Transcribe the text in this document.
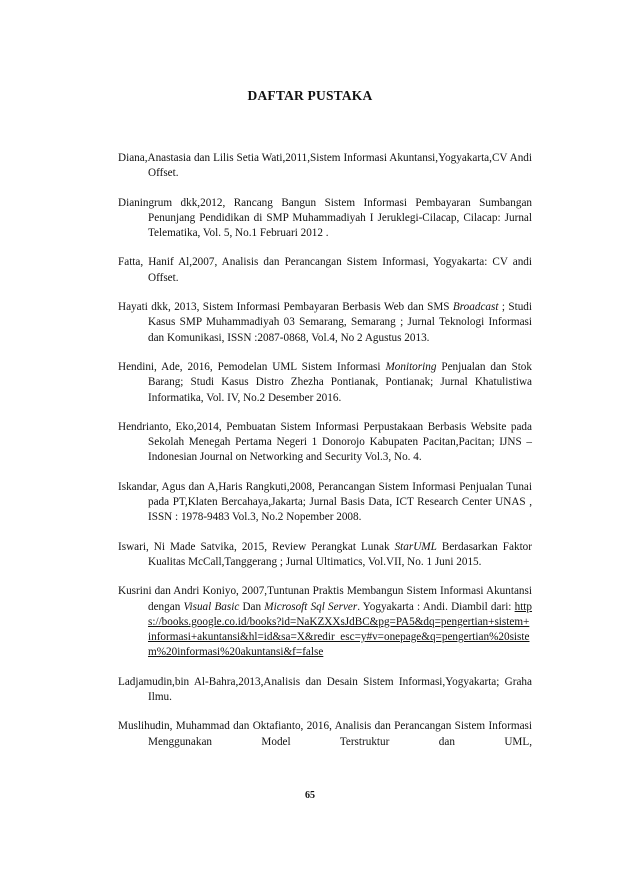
DAFTAR PUSTAKA

Diana,Anastasia dan Lilis Setia Wati,2011,Sistem Informasi Akuntansi,Yogyakarta,CV Andi Offset.

Dianingrum dkk,2012, Rancang Bangun Sistem Informasi Pembayaran Sumbangan Penunjang Pendidikan di SMP Muhammadiyah I Jeruklegi-Cilacap, Cilacap: Jurnal Telematika, Vol. 5, No.1 Februari 2012 .

Fatta, Hanif Al,2007, Analisis dan Perancangan Sistem Informasi, Yogyakarta: CV andi Offset.

Hayati dkk, 2013, Sistem Informasi Pembayaran Berbasis Web dan SMS Broadcast ; Studi Kasus SMP Muhammadiyah 03 Semarang, Semarang ; Jurnal Teknologi Informasi dan Komunikasi, ISSN :2087-0868, Vol.4, No 2 Agustus 2013.

Hendini, Ade, 2016, Pemodelan UML Sistem Informasi Monitoring Penjualan dan Stok Barang; Studi Kasus Distro Zhezha Pontianak, Pontianak; Jurnal Khatulistiwa Informatika, Vol. IV, No.2 Desember 2016.

Hendrianto, Eko,2014, Pembuatan Sistem Informasi Perpustakaan Berbasis Website pada Sekolah Menegah Pertama Negeri 1 Donorojo Kabupaten Pacitan,Pacitan; IJNS – Indonesian Journal on Networking and Security Vol.3, No. 4.

Iskandar, Agus dan A,Haris Rangkuti,2008, Perancangan Sistem Informasi Penjualan Tunai pada PT,Klaten Bercahaya,Jakarta; Jurnal Basis Data, ICT Research Center UNAS , ISSN : 1978-9483 Vol.3, No.2 Nopember 2008.

Iswari, Ni Made Satvika, 2015, Review Perangkat Lunak StarUML Berdasarkan Faktor Kualitas McCall,Tanggerang ; Jurnal Ultimatics, Vol.VII, No. 1 Juni 2015.

Kusrini dan Andri Koniyo, 2007,Tuntunan Praktis Membangun Sistem Informasi Akuntansi dengan Visual Basic Dan Microsoft Sql Server. Yogyakarta : Andi. Diambil dari: https://books.google.co.id/books?id=NaKZXXsJdBC&pg=PA5&dq=pengertian+sistem+informasi+akuntansi&hl=id&sa=X&redir_esc=y#v=onepage&q=pengertian%20sistem%20informasi%20akuntansi&f=false

Ladjamudin,bin Al-Bahra,2013,Analisis dan Desain Sistem Informasi,Yogyakarta; Graha Ilmu.

Muslihudin, Muhammad dan Oktafianto, 2016, Analisis dan Perancangan Sistem Informasi Menggunakan Model Terstruktur dan UML,

65
